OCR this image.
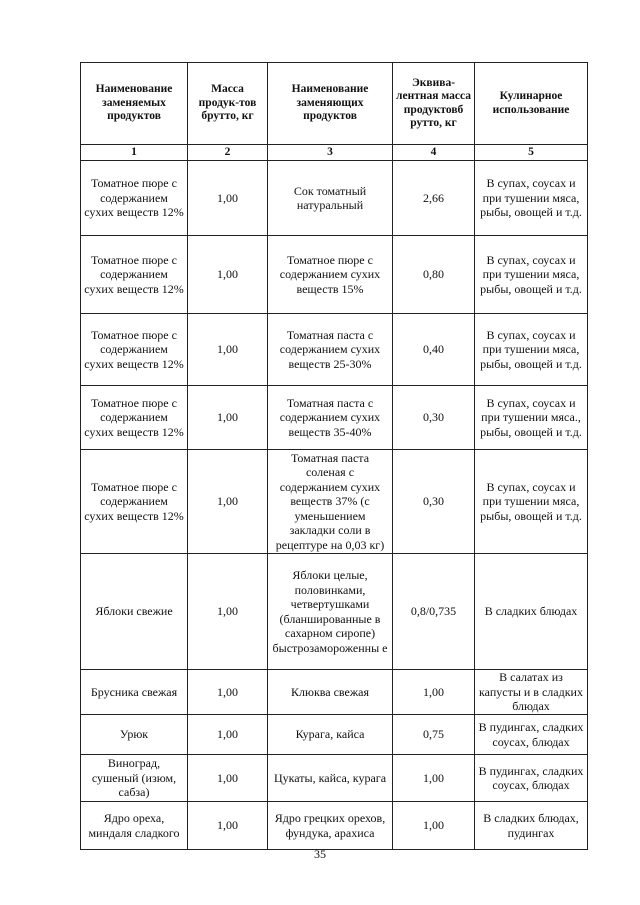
Наименование заменяемых продуктов	Масса продук-тов брутто, кг	Наименование заменяющих продуктов	Эквива-лентная масса продуктовб рутто, кг	Кулинарное использование
1	2	3	4	5
Томатное пюре с содержанием сухих веществ 12%	1,00	Сок томатный натуральный	2,66	В супах, соусах и при тушении мяса, рыбы, овощей и т.д.
Томатное пюре с содержанием сухих веществ 12%	1,00	Томатное пюре с содержанием сухих веществ 15%	0,80	В супах, соусах и при тушении мяса, рыбы, овощей и т.д.
Томатное пюре с содержанием сухих веществ 12%	1,00	Томатная паста с содержанием сухих веществ 25-30%	0,40	В супах, соусах и при тушении мяса, рыбы, овощей и т.д.
Томатное пюре с содержанием сухих веществ 12%	1,00	Томатная паста с содержанием сухих веществ 35-40%	0,30	В супах, соусах и при тушении мяса., рыбы, овощей и т.д.
Томатное пюре с содержанием сухих веществ 12%	1,00	Томатная паста соленая с содержанием сухих веществ 37% (с уменьшением закладки соли в рецептуре на 0,03 кг)	0,30	В супах, соусах и при тушении мяса, рыбы, овощей и т.д.
Яблоки свежие	1,00	Яблоки целые, половинками, четвертушками (бланшированные в сахарном сиропе) быстрозамороженны е	0,8/0,735	В сладких блюдах
Брусника свежая	1,00	Клюква свежая	1,00	В салатах из капусты и в сладких блюдах
Урюк	1,00	Курага, кайса	0,75	В пудингах, сладких соусах, блюдах
Виноград, сушеный (изюм, сабза)	1,00	Цукаты, кайса, курага	1,00	В пудингах, сладких соусах, блюдах
Ядро ореха, миндаля сладкого	1,00	Ядро грецких орехов, фундука, арахиса	1,00	В сладких блюдах, пудингах
35
